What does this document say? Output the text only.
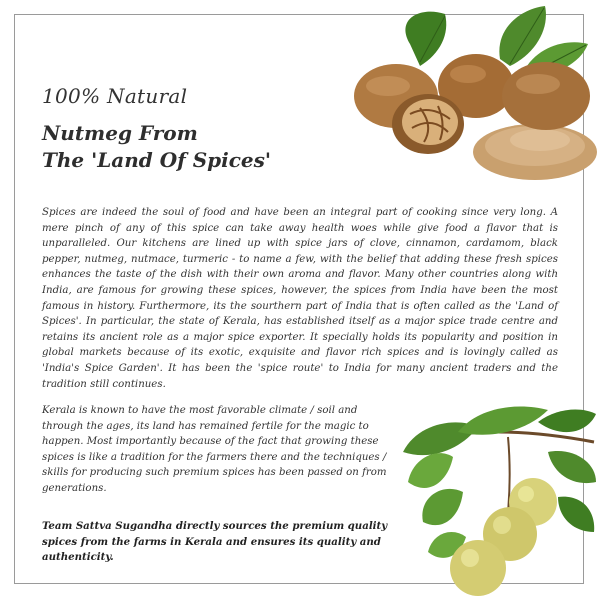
100% Natural
Nutmeg From
The 'Land Of Spices'

Spices are indeed the soul of food and have been an integral part of cooking since very long. A mere pinch of any of this spice can take away health woes while give food a flavor that is unparalleled. Our kitchens are lined up with spice jars of clove, cinnamon, cardamom, black pepper, nutmeg, nutmace, turmeric - to name a few, with the belief that adding these fresh spices enhances the taste of the dish with their own aroma and flavor. Many other countries along with India, are famous for growing these spices, however, the spices from India have been the most famous in history. Furthermore, its the sourthern part of India that is often called as the 'Land of Spices'. In particular, the state of Kerala, has established itself as a major spice trade centre and retains its ancient role as a major spice exporter. It specially holds its popularity and position in global markets because of its exotic, exquisite and flavor rich spices and is lovingly called as 'India's Spice Garden'. It has been the 'spice route' to India for many ancient traders and the tradition still continues.

Kerala is known to have the most favorable climate / soil and through the ages, its land has remained fertile for the magic to happen. Most importantly because of the fact that growing these spices is like a tradition for the farmers there and the techniques / skills for producing such premium spices has been passed on from generations.

Team Sattva Sugandha directly sources the premium quality spices from the farms in Kerala and ensures its quality and authenticity.
